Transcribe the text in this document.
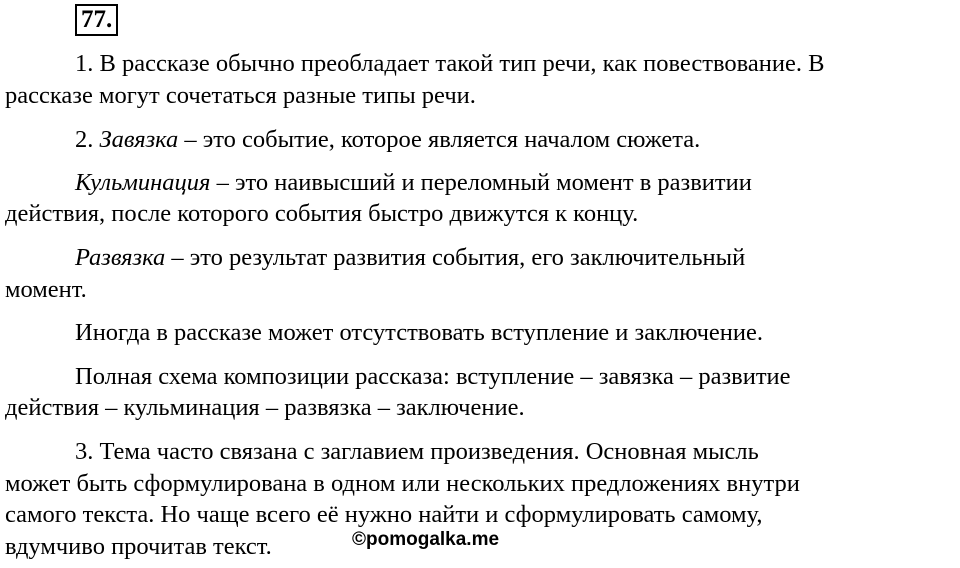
77.

1. В рассказе обычно преобладает такой тип речи, как повествование. В

рассказе могут сочетаться разные типы речи.

2. Завязка – это событие, которое является началом сюжета.

Кульминация – это наивысший и переломный момент в развитии

действия, после которого события быстро движутся к концу.

Развязка – это результат развития события, его заключительный

момент.

Иногда в рассказе может отсутствовать вступление и заключение.

Полная схема композиции рассказа: вступление – завязка – развитие

действия – кульминация – развязка – заключение.

3. Тема часто связана с заглавием произведения. Основная мысль

может быть сформулирована в одном или нескольких предложениях внутри

самого текста. Но чаще всего её нужно найти и сформулировать самому,

вдумчиво прочитав текст.	©pomogalka.me
